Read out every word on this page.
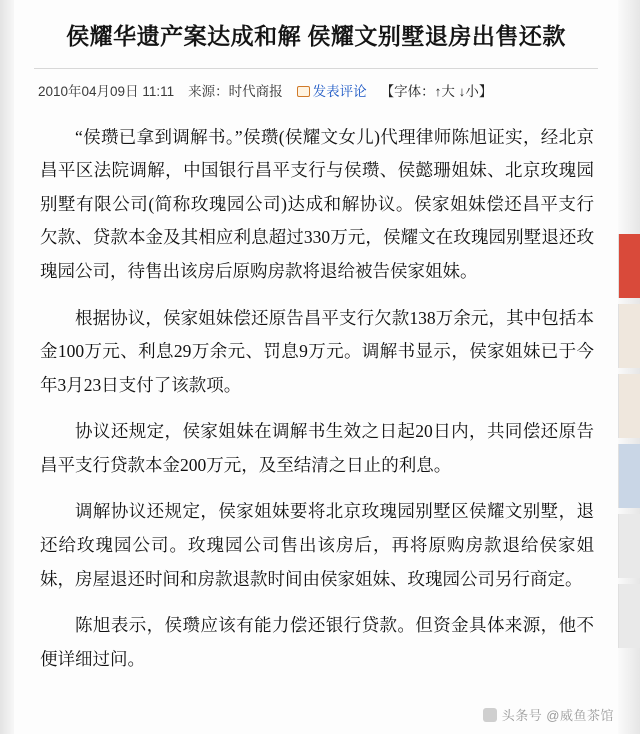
侯耀华遗产案达成和解 侯耀文别墅退房出售还款
2010年04月09日 11:11 来源：时代商报 发表评论 【字体：↑大 ↓小】

“侯瓒已拿到调解书。”侯瓒(侯耀文女儿)代理律师陈旭证实，经北京昌平区法院调解，中国银行昌平支行与侯瓒、侯懿珊姐妹、北京玫瑰园别墅有限公司(简称玫瑰园公司)达成和解协议。侯家姐妹偿还昌平支行欠款、贷款本金及其相应利息超过330万元，侯耀文在玫瑰园别墅退还玫瑰园公司，待售出该房后原购房款将退给被告侯家姐妹。

根据协议，侯家姐妹偿还原告昌平支行欠款138万余元，其中包括本金100万元、利息29万余元、罚息9万元。调解书显示，侯家姐妹已于今年3月23日支付了该款项。

协议还规定，侯家姐妹在调解书生效之日起20日内，共同偿还原告昌平支行贷款本金200万元，及至结清之日止的利息。

调解协议还规定，侯家姐妹要将北京玫瑰园别墅区侯耀文别墅，退还给玫瑰园公司。玫瑰园公司售出该房后，再将原购房款退给侯家姐妹，房屋退还时间和房款退款时间由侯家姐妹、玫瑰园公司另行商定。

陈旭表示，侯瓒应该有能力偿还银行贷款。但资金具体来源，他不便详细过问。

头条号 @威鱼茶馆
